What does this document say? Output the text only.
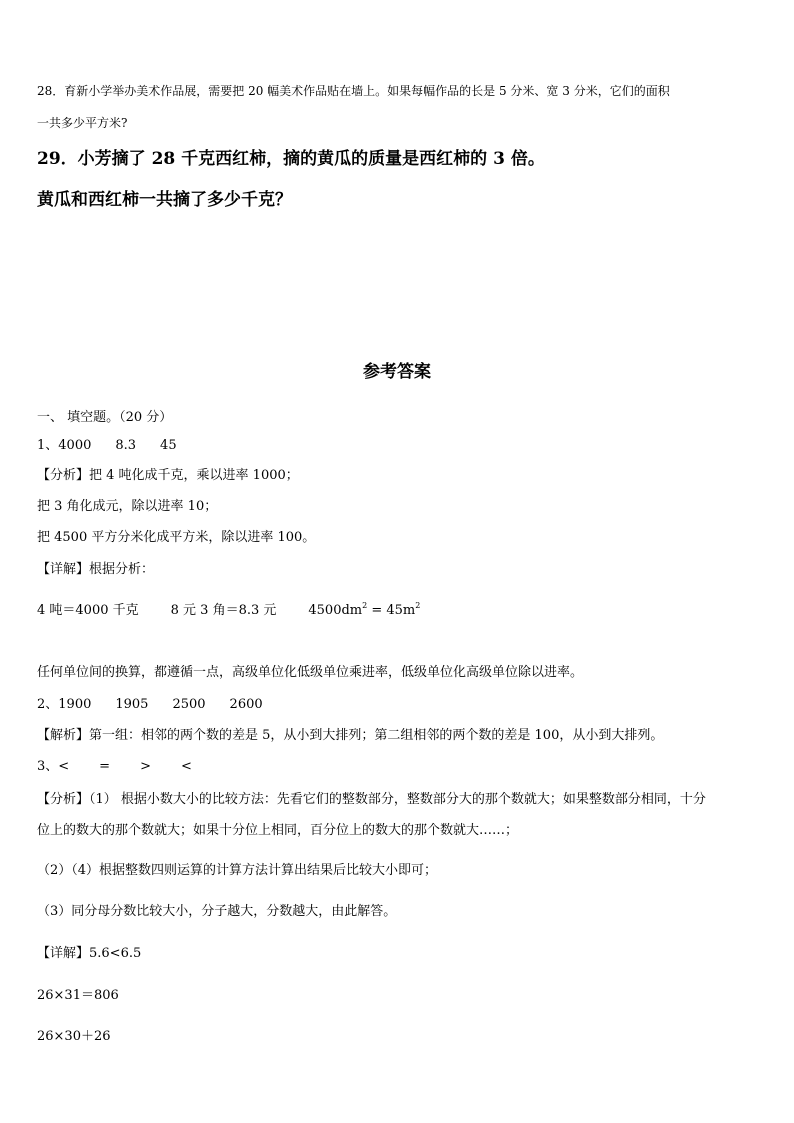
28．育新小学举办美术作品展，需要把 20 幅美术作品贴在墙上。如果每幅作品的长是 5 分米、宽 3 分米，它们的面积
一共多少平方米?
29．小芳摘了 28 千克西红柿，摘的黄瓜的质量是西红柿的 3 倍。
黄瓜和西红柿一共摘了多少千克？
参考答案
一、 填空题。（20 分）
1、4000 8.3 45
【分析】把 4 吨化成千克，乘以进率 1000；
把 3 角化成元，除以进率 10；
把 4500 平方分米化成平方米，除以进率 100。
【详解】根据分析：
4 吨＝4000 千克 8 元 3 角＝8.3 元 $4500dm^2 = 45m^2$
任何单位间的换算，都遵循一点，高级单位化低级单位乘进率，低级单位化高级单位除以进率。
2、1900 1905 2500 2600
【解析】第一组：相邻的两个数的差是 5，从小到大排列；第二组相邻的两个数的差是 100，从小到大排列。
3、< = > <
【分析】（1） 根据小数大小的比较方法：先看它们的整数部分，整数部分大的那个数就大；如果整数部分相同，十分
位上的数大的那个数就大；如果十分位上相同，百分位上的数大的那个数就大……；
（2）（4）根据整数四则运算的计算方法计算出结果后比较大小即可；
（3）同分母分数比较大小，分子越大，分数越大，由此解答。
【详解】5.6<6.5
26×31＝806
26×30＋26
